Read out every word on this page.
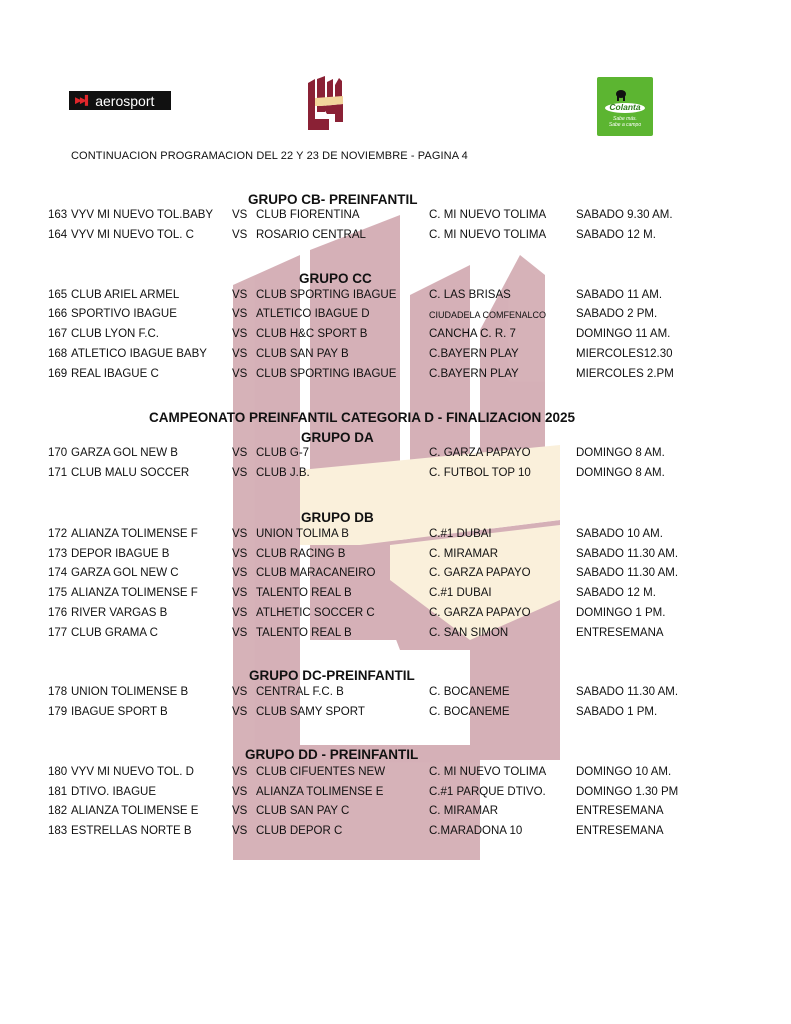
▶▶▌ aerosport	Colanta
Sabe más.
Sabe a campo
CONTINUACION PROGRAMACION DEL 22 Y 23 DE NOVIEMBRE - PAGINA 4
GRUPO CB- PREINFANTIL
GRUPO CC
CAMPEONATO PREINFANTIL CATEGORIA D - FINALIZACION 2025
GRUPO DA
GRUPO DB
GRUPO DC-PREINFANTIL
GRUPO DD - PREINFANTIL
163 VYV MI NUEVO TOL.BABY VS CLUB FIORENTINA	C. MI NUEVO TOLIMA	SABADO 9.30 AM.
164 VYV MI NUEVO TOL. C	VS ROSARIO CENTRAL	C. MI NUEVO TOLIMA	SABADO 12 M.
165 CLUB ARIEL ARMEL	VS CLUB SPORTING IBAGUE	C. LAS BRISAS	SABADO 11 AM.
166 SPORTIVO IBAGUE	VS ATLETICO IBAGUE D	CIUDADELA COMFENALCO	SABADO 2 PM.
167 CLUB LYON F.C.	VS CLUB H&C SPORT B	CANCHA C. R. 7	DOMINGO 11 AM.
168 ATLETICO IBAGUE BABY VS CLUB SAN PAY B	C.BAYERN PLAY	MIERCOLES12.30
169 REAL IBAGUE C	VS CLUB SPORTING IBAGUE	C.BAYERN PLAY	MIERCOLES 2.PM
170 GARZA GOL NEW B	VS CLUB G-7	C. GARZA PAPAYO	DOMINGO 8 AM.
171 CLUB MALU SOCCER	VS CLUB J.B.	C. FUTBOL TOP 10	DOMINGO 8 AM.
172 ALIANZA TOLIMENSE F	VS UNION TOLIMA B	C.#1 DUBAI	SABADO 10 AM.
173 DEPOR IBAGUE B	VS CLUB RACING B	C. MIRAMAR	SABADO 11.30 AM.
174 GARZA GOL NEW C	VS CLUB MARACANEIRO	C. GARZA PAPAYO	SABADO 11.30 AM.
175 ALIANZA TOLIMENSE F	VS TALENTO REAL B	C.#1 DUBAI	SABADO 12 M.
176 RIVER VARGAS B	VS ATLHETIC SOCCER C	C. GARZA PAPAYO	DOMINGO 1 PM.
177 CLUB GRAMA C	VS TALENTO REAL B	C. SAN SIMON	ENTRESEMANA
178 UNION TOLIMENSE B	VS CENTRAL F.C. B	C. BOCANEME	SABADO 11.30 AM.
179 IBAGUE SPORT B	VS CLUB SAMY SPORT	C. BOCANEME	SABADO 1 PM.
180 VYV MI NUEVO TOL. D	VS CLUB CIFUENTES NEW	C. MI NUEVO TOLIMA	DOMINGO 10 AM.
181 DTIVO. IBAGUE	VS ALIANZA TOLIMENSE E	C.#1 PARQUE DTIVO.	DOMINGO 1.30 PM
182 ALIANZA TOLIMENSE E	VS CLUB SAN PAY C	C. MIRAMAR	ENTRESEMANA
183 ESTRELLAS NORTE B	VS CLUB DEPOR C	C.MARADONA 10	ENTRESEMANA
